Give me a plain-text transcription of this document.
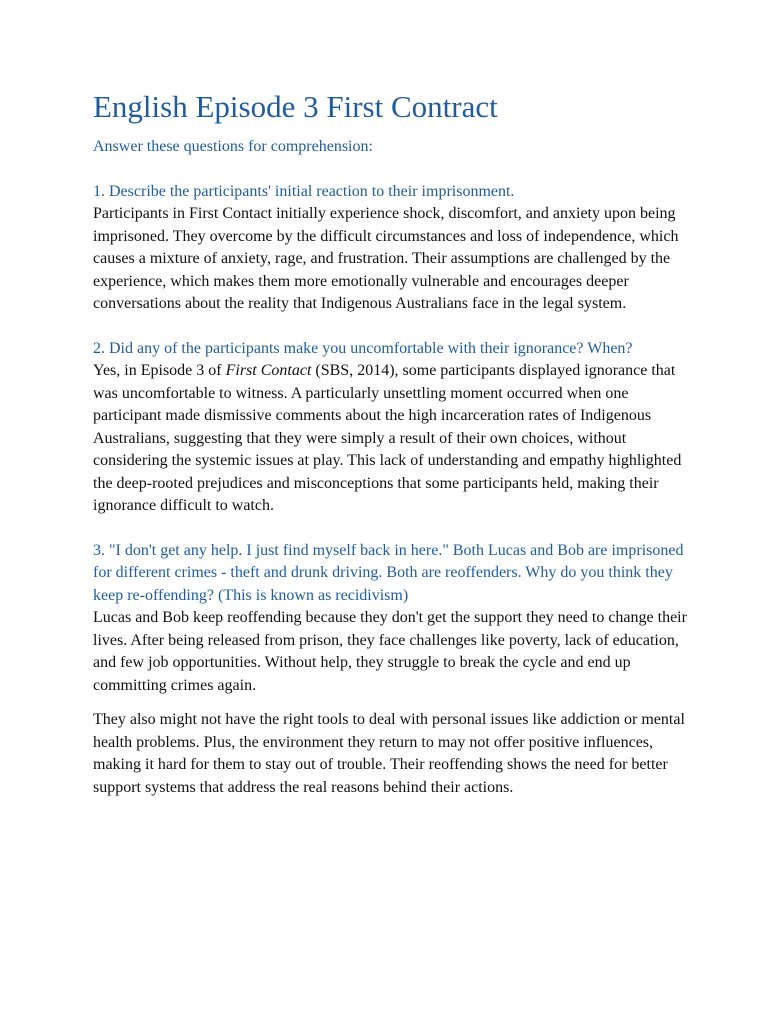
English Episode 3 First Contract

Answer these questions for comprehension:

1. Describe the participants' initial reaction to their imprisonment.

Participants in First Contact initially experience shock, discomfort, and anxiety upon being imprisoned. They overcome by the difficult circumstances and loss of independence, which causes a mixture of anxiety, rage, and frustration. Their assumptions are challenged by the experience, which makes them more emotionally vulnerable and encourages deeper conversations about the reality that Indigenous Australians face in the legal system.

2. Did any of the participants make you uncomfortable with their ignorance? When?

Yes, in Episode 3 of First Contact (SBS, 2014), some participants displayed ignorance that was uncomfortable to witness. A particularly unsettling moment occurred when one participant made dismissive comments about the high incarceration rates of Indigenous Australians, suggesting that they were simply a result of their own choices, without considering the systemic issues at play. This lack of understanding and empathy highlighted the deep-rooted prejudices and misconceptions that some participants held, making their ignorance difficult to watch.

3. "I don't get any help. I just find myself back in here." Both Lucas and Bob are imprisoned for different crimes - theft and drunk driving. Both are reoffenders. Why do you think they keep re-offending? (This is known as recidivism)

Lucas and Bob keep reoffending because they don't get the support they need to change their lives. After being released from prison, they face challenges like poverty, lack of education, and few job opportunities. Without help, they struggle to break the cycle and end up committing crimes again.

They also might not have the right tools to deal with personal issues like addiction or mental health problems. Plus, the environment they return to may not offer positive influences, making it hard for them to stay out of trouble. Their reoffending shows the need for better support systems that address the real reasons behind their actions.
